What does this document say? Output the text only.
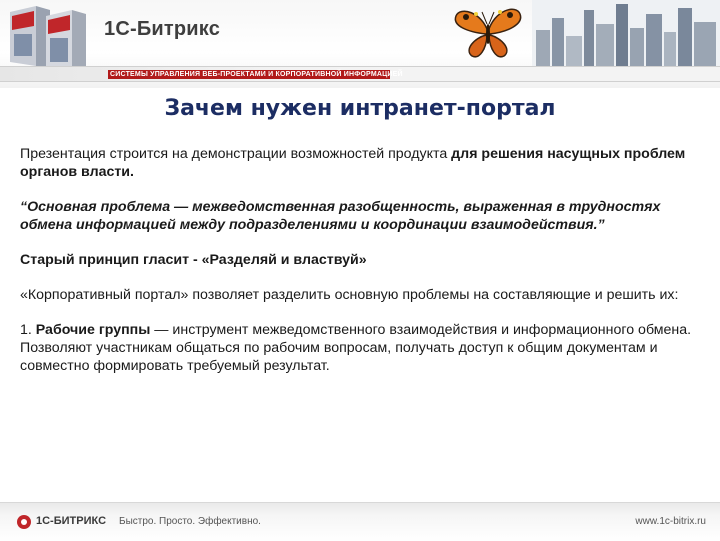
1С-Битрикс
СИСТЕМЫ УПРАВЛЕНИЯ ВЕБ-ПРОЕКТАМИ И КОРПОРАТИВНОЙ ИНФОРМАЦИЕЙ
Зачем нужен интранет-портал

Презентация строится на демонстрации возможностей продукта для решения насущных проблем органов власти.

“Основная проблема — межведомственная разобщенность, выраженная в трудностях обмена информацией между подразделениями и координации взаимодействия.”

Старый принцип гласит - «Разделяй и властвуй»

«Корпоративный портал» позволяет разделить основную проблемы на составляющие и решить их:

1. Рабочие группы — инструмент межведомственного взаимодействия и информационного обмена. Позволяют участникам общаться по рабочим вопросам, получать доступ к общим документам и совместно формировать требуемый результат.

1С-БИТРИКС Быстро. Просто. Эффективно.	www.1c-bitrix.ru
